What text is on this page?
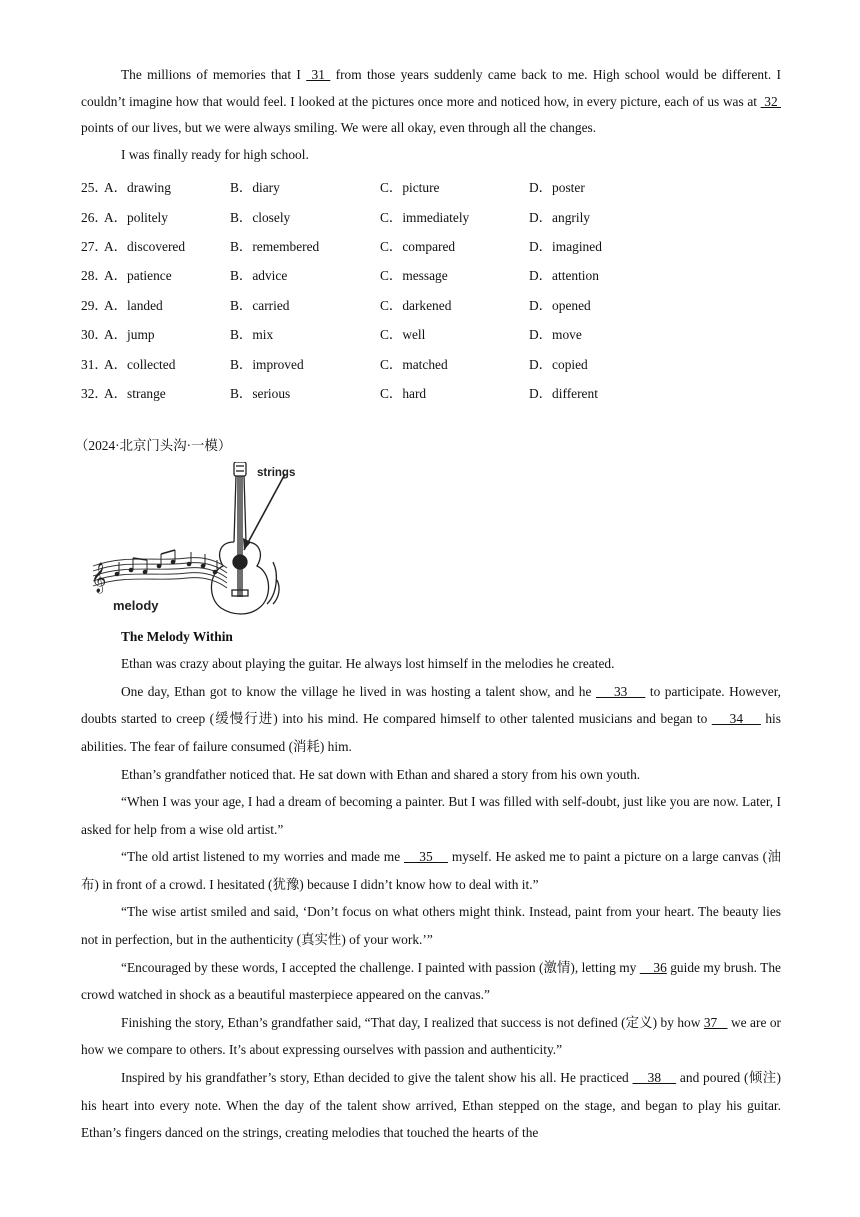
The millions of memories that I  31  from those years suddenly came back to me. High school would be different. I couldn’t imagine how that would feel. I looked at the pictures once more and noticed how, in every picture, each of us was at  32  points of our lives, but we were always smiling. We were all okay, even through all the changes.

I was finally ready for high school.

25．
A．drawing	B．diary	C．picture	D．poster
26．
A．politely	B．closely	C．immediately	D．angrily
27．
A．discovered	B．remembered	C．compared	D．imagined
28．
A．patience	B．advice	C．message	D．attention
29．
A．landed	B．carried	C．darkened	D．opened
30．
A．jump	B．mix	C．well	D．move
31．
A．collected	B．improved	C．matched	D．copied
32．
A．strange	B．serious	C．hard	D．different
（2024·北京门头沟·一模）
strings
𝄞
melody
The Melody Within

Ethan was crazy about playing the guitar. He always lost himself in the melodies he created.

One day, Ethan got to know the village he lived in was hosting a talent show, and he     33     to participate. However, doubts started to creep (缓慢行进) into his mind. He compared himself to other talented musicians and began to     34     his abilities. The fear of failure consumed (消耗) him.

Ethan’s grandfather noticed that. He sat down with Ethan and shared a story from his own youth.

“When I was your age, I had a dream of becoming a painter. But I was filled with self-doubt, just like you are now. Later, I asked for help from a wise old artist.”

“The old artist listened to my worries and made me     35     myself. He asked me to paint a picture on a large canvas (油布) in front of a crowd. I hesitated (犹豫) because I didn’t know how to deal with it.”

“The wise artist smiled and said, ‘Don’t focus on what others might think. Instead, paint from your heart. The beauty lies not in perfection, but in the authenticity (真实性) of your work.’”

“Encouraged by these words, I accepted the challenge. I painted with passion (激情), letting my     36 guide my brush. The crowd watched in shock as a beautiful masterpiece appeared on the canvas.”

Finishing the story, Ethan’s grandfather said, “That day, I realized that success is not defined (定义) by how 37    we are or how we compare to others. It’s about expressing ourselves with passion and authenticity.”

Inspired by his grandfather’s story, Ethan decided to give the talent show his all. He practiced     38     and poured (倾注) his heart into every note. When the day of the talent show arrived, Ethan stepped on the stage, and began to play his guitar. Ethan’s fingers danced on the strings, creating melodies that touched the hearts of the
